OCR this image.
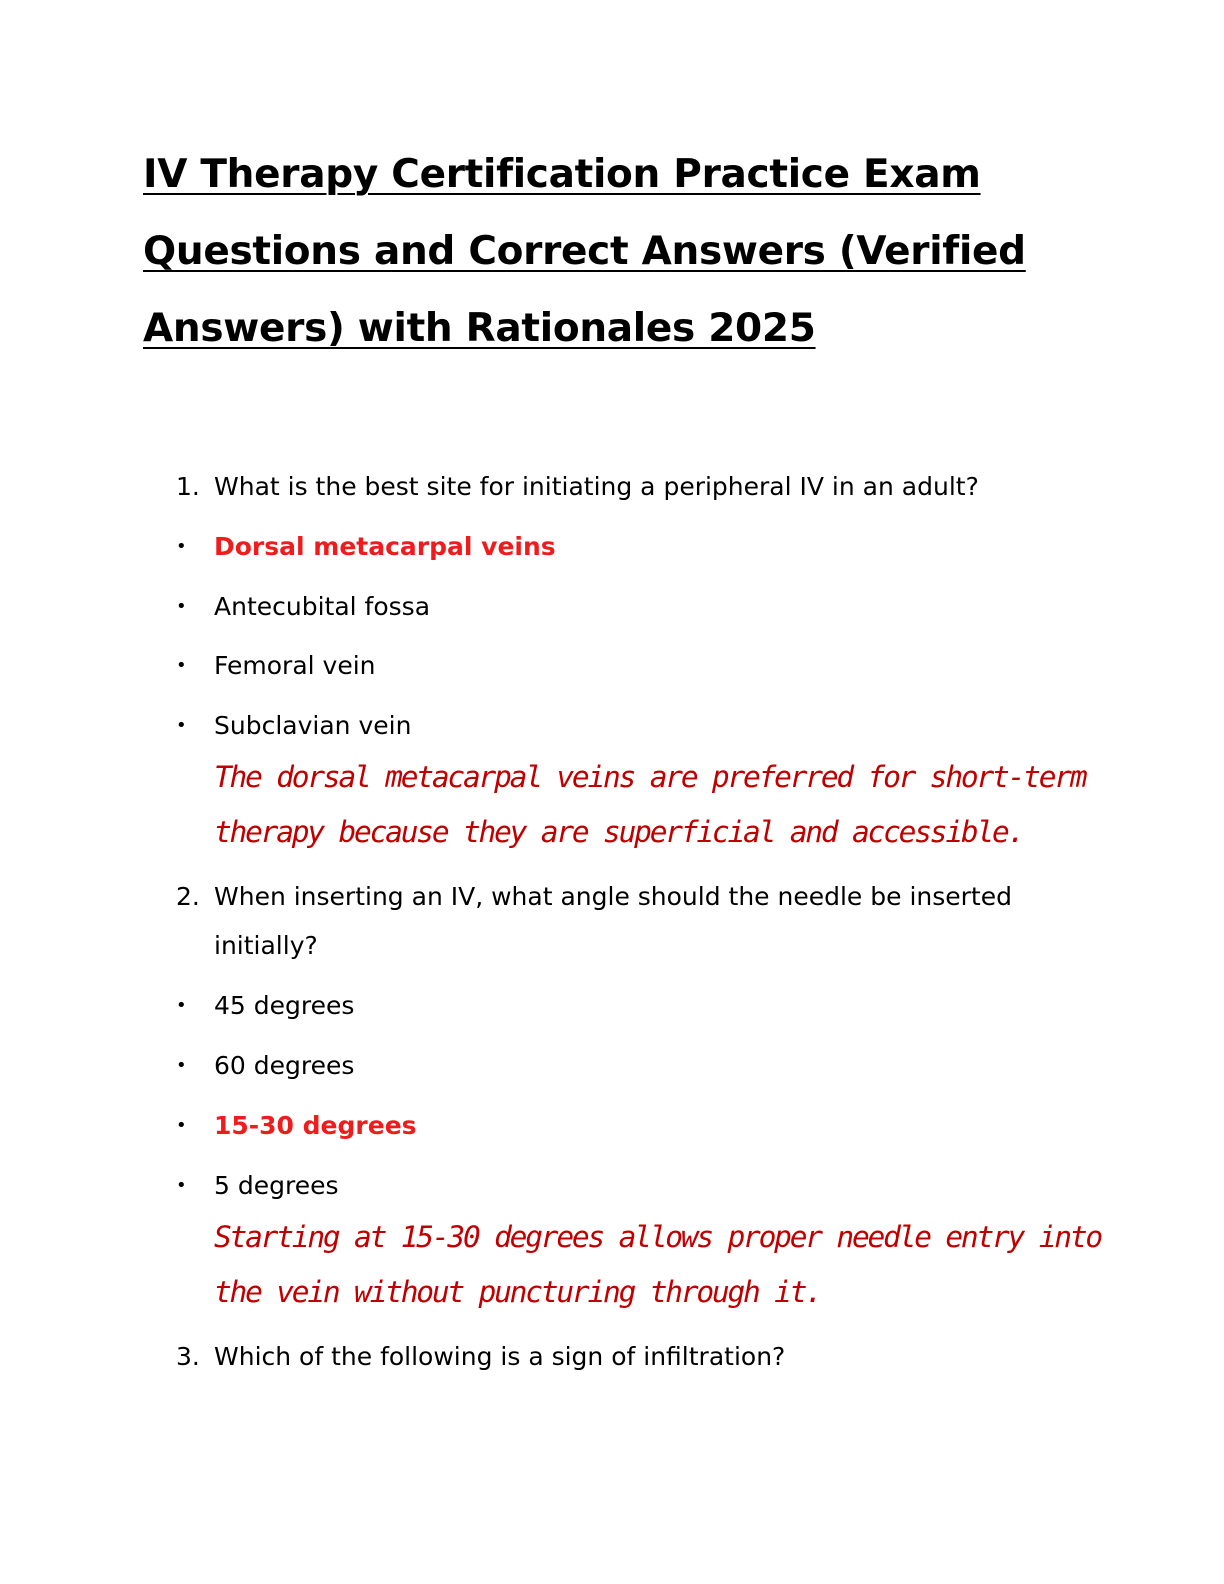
IV Therapy Certification Practice Exam
Questions and Correct Answers (Verified
Answers) with Rationales 2025
1. What is the best site for initiating a peripheral IV in an adult?
• Dorsal metacarpal veins
• Antecubital fossa
• Femoral vein
• Subclavian vein
The dorsal metacarpal veins are preferred for short-term
therapy because they are superficial and accessible.
2. When inserting an IV, what angle should the needle be inserted
initially?
• 45 degrees
• 60 degrees
• 15-30 degrees
• 5 degrees
Starting at 15-30 degrees allows proper needle entry into
the vein without puncturing through it.
3. Which of the following is a sign of infiltration?
